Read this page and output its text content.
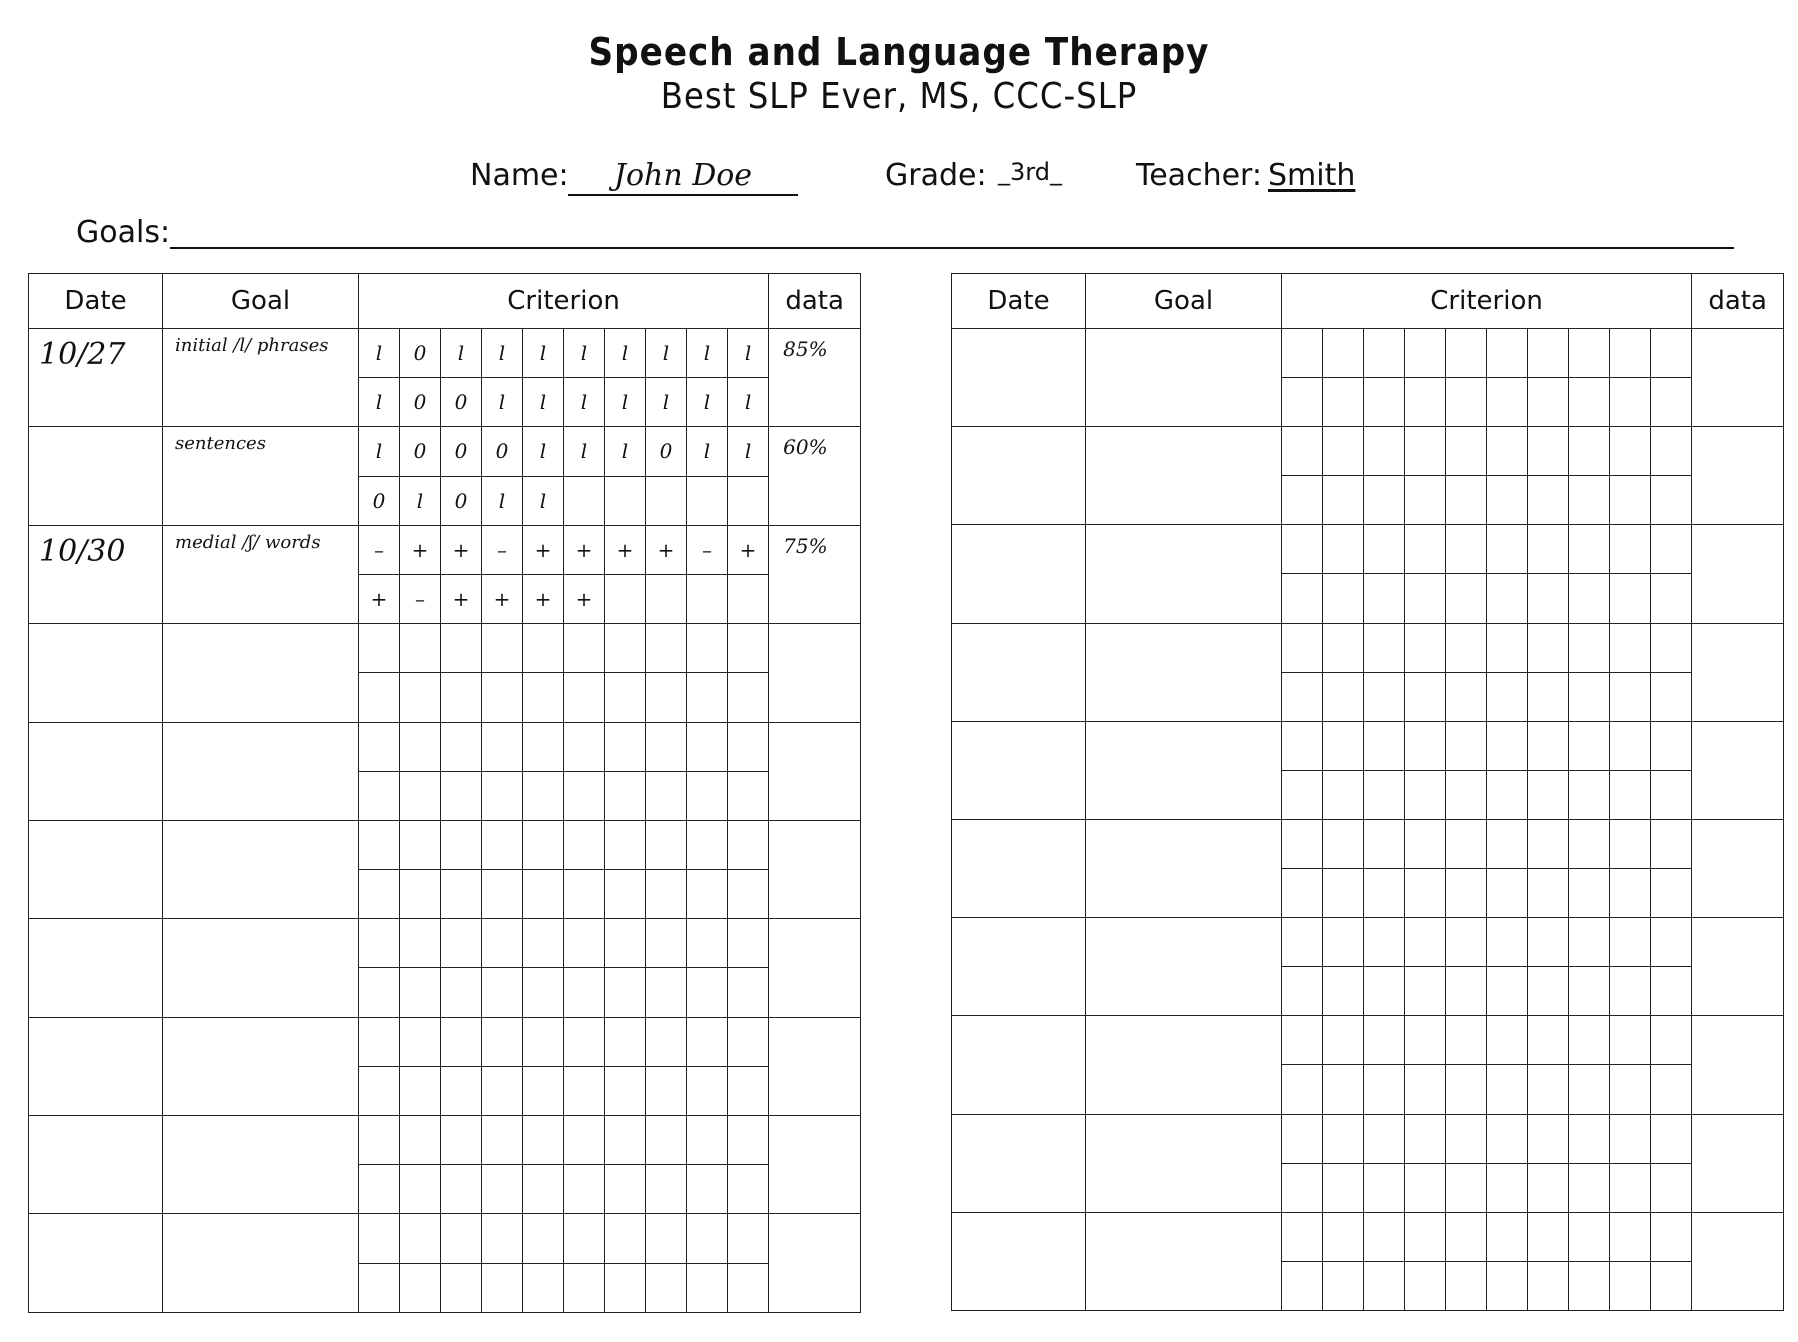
Speech and Language Therapy
Best SLP Ever, MS, CCC-SLP
Name:	John Doe	Grade: _3rd_ Teacher: Smith
Goals:
Date	Goal	Criterion										data
10/27	initial /l/ phrases	l	0	l	l	l	l	l	l	l	l	85%
		l	0	0	l	l	l	l	l	l	l	
	sentences	l	0	0	0	l	l	l	0	l	l	60%
		0	l	0	l	l						
10/30	medial /ʃ/ words	–	+	+	–	+	+	+	+	–	+	75%
		+	–	+	+	+	+					

Date	Goal	Criterion										data
